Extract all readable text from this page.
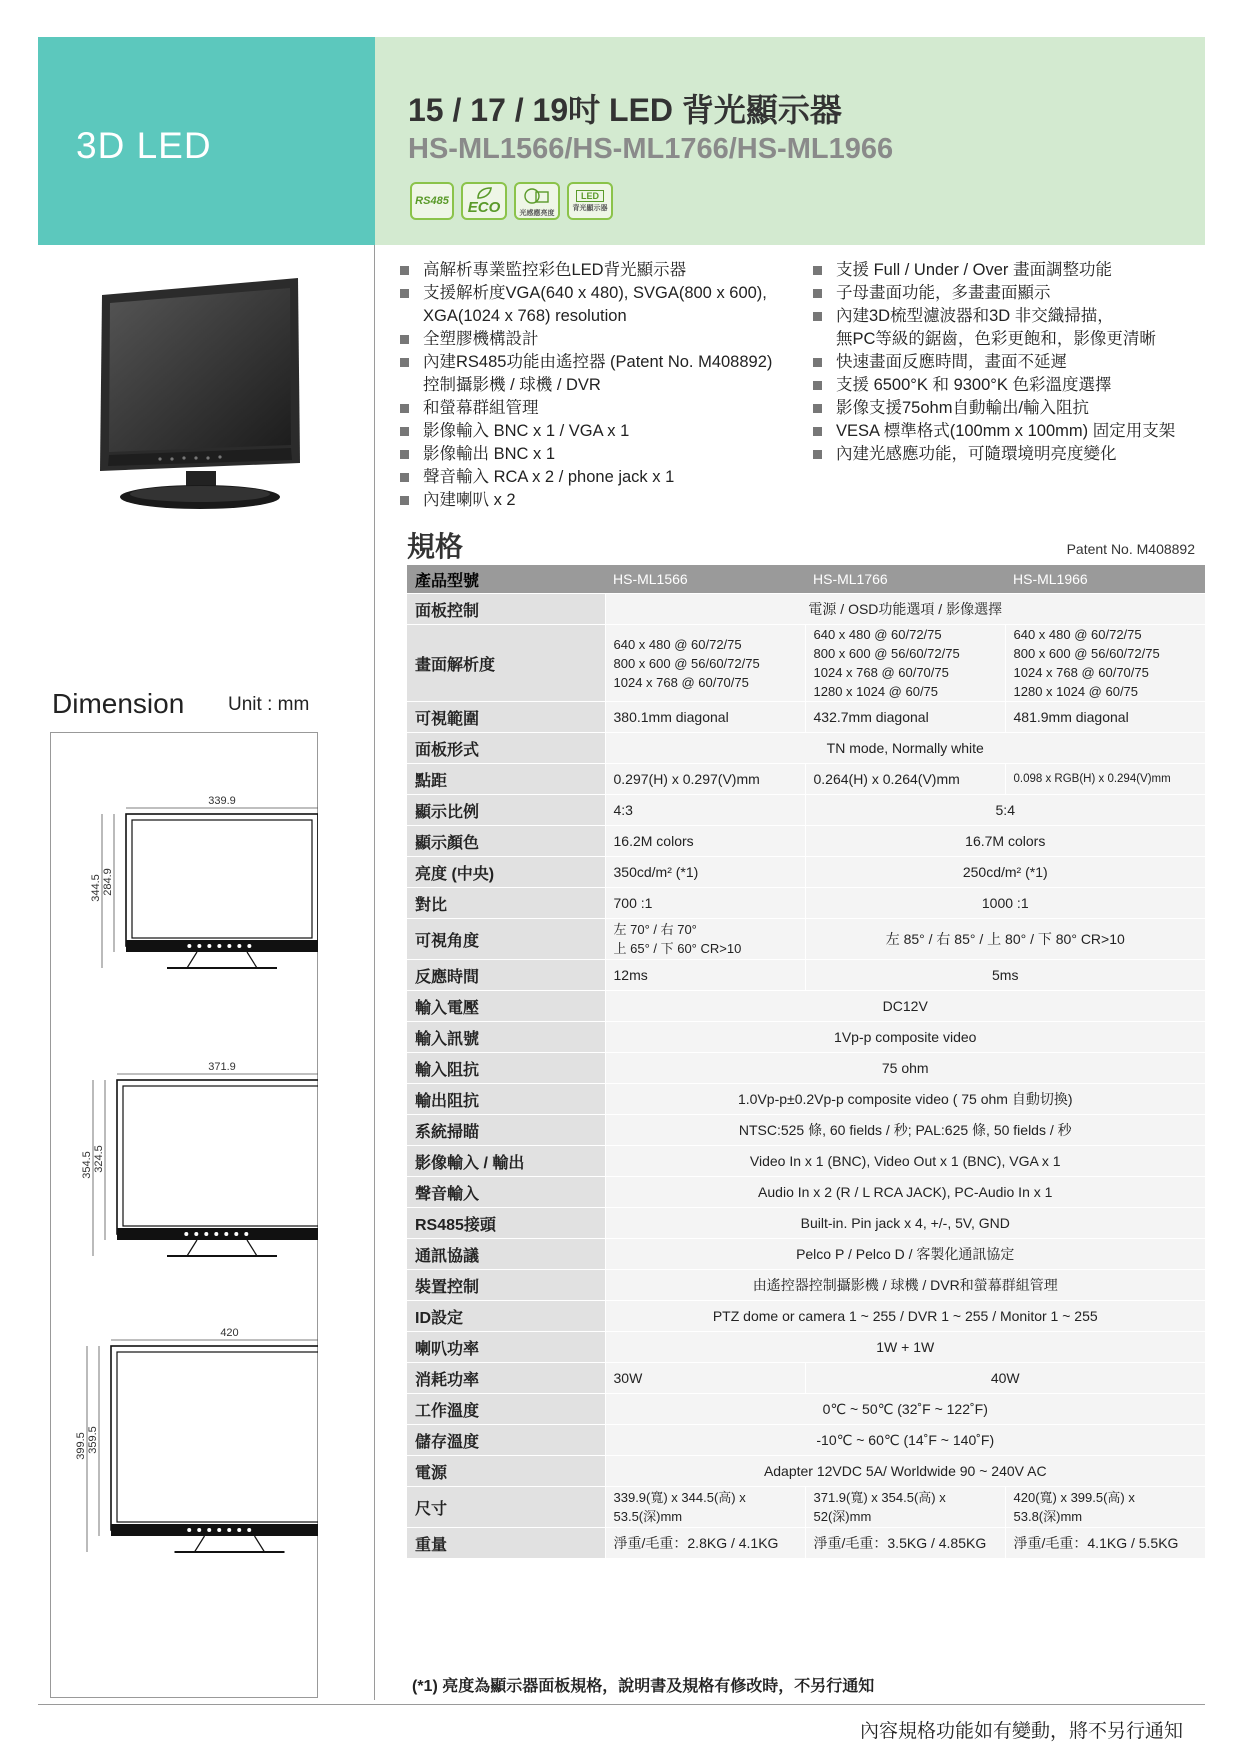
3D LED
15 / 17 / 19吋 LED 背光顯示器
HS-ML1566/HS-ML1766/HS-ML1966
RS485	ECO	光感應亮度
LED
背光顯示器
高解析專業監控彩色LED背光顯示器
支援解析度VGA(640 x 480), SVGA(800 x 600),
XGA(1024 x 768) resolution
全塑膠機構設計
內建RS485功能由遙控器 (Patent No. M408892)
控制攝影機 / 球機 / DVR
和螢幕群組管理
影像輸入 BNC x 1 / VGA x 1
影像輸出 BNC x 1
聲音輸入 RCA x 2 / phone jack x 1
內建喇叭 x 2
支援 Full / Under / Over 畫面調整功能
子母畫面功能，多畫畫面顯示
內建3D梳型濾波器和3D 非交織掃描，
無PC等級的鋸齒，色彩更飽和，影像更清晰
快速畫面反應時間，畫面不延遲
支援 6500°K 和 9300°K 色彩溫度選擇
影像支援75ohm自動輸出/輸入阻抗
VESA 標準格式(100mm x 100mm) 固定用支架
內建光感應功能，可隨環境明亮度變化
規格	Patent No. M408892
產品型號	HS-ML1566	HS-ML1766	HS-ML1966
面板控制	電源 / OSD功能選項 / 影像選擇		
畫面解析度	640 x 480 @ 60/72/75
800 x 600 @ 56/60/72/75
1024 x 768 @ 60/70/75	640 x 480 @ 60/72/75
800 x 600 @ 56/60/72/75
1024 x 768 @ 60/70/75
1280 x 1024 @ 60/75	640 x 480 @ 60/72/75
800 x 600 @ 56/60/72/75
1024 x 768 @ 60/70/75
1280 x 1024 @ 60/75
可視範圍	380.1mm diagonal	432.7mm diagonal	481.9mm diagonal
面板形式	TN mode, Normally white		
點距	0.297(H) x 0.297(V)mm	0.264(H) x 0.264(V)mm	0.098 x RGB(H) x 0.294(V)mm
顯示比例	4:3	5:4	
顯示顏色	16.2M colors	16.7M colors	
亮度 (中央)	350cd/m² (*1)	250cd/m² (*1)	
對比	700 :1	1000 :1	
可視角度	左 70° / 右 70°
上 65° / 下 60° CR>10	左 85° / 右 85° / 上 80° / 下 80° CR>10	
反應時間	12ms	5ms	
輸入電壓	DC12V		
輸入訊號	1Vp-p composite video		
輸入阻抗	75 ohm		
輸出阻抗	1.0Vp-p±0.2Vp-p composite video ( 75 ohm 自動切換)		
系統掃瞄	NTSC:525 條, 60 fields / 秒; PAL:625 條, 50 fields / 秒		
影像輸入 / 輸出	Video In x 1 (BNC), Video Out x 1 (BNC), VGA x 1		
聲音輸入	Audio In x 2 (R / L RCA JACK), PC-Audio In x 1		
RS485接頭	Built-in. Pin jack x 4, +/-, 5V, GND		
通訊協議	Pelco P / Pelco D / 客製化通訊協定		
裝置控制	由遙控器控制攝影機 / 球機 / DVR和螢幕群組管理		
ID設定	PTZ dome or camera 1 ~ 255 / DVR 1 ~ 255 / Monitor 1 ~ 255		
喇叭功率	1W + 1W		
消耗功率	30W	40W	
工作溫度	0℃ ~ 50℃ (32˚F ~ 122˚F)		
儲存溫度	-10℃ ~ 60℃ (14˚F ~ 140˚F)		
電源	Adapter 12VDC 5A/ Worldwide 90 ~ 240V AC		
尺寸	339.9(寬) x 344.5(高) x
53.5(深)mm	371.9(寬) x 354.5(高) x
52(深)mm	420(寬) x 399.5(高) x
53.8(深)mm
重量	淨重/毛重：2.8KG / 4.1KG	淨重/毛重：3.5KG / 4.85KG	淨重/毛重：4.1KG / 5.5KG
Dimension Unit : mm
339.9
344.5 284.9
371.9
354.5 324.5
420
399.5 359.5
(*1) 亮度為顯示器面板規格，說明書及規格有修改時，不另行通知
內容規格功能如有變動，將不另行通知
